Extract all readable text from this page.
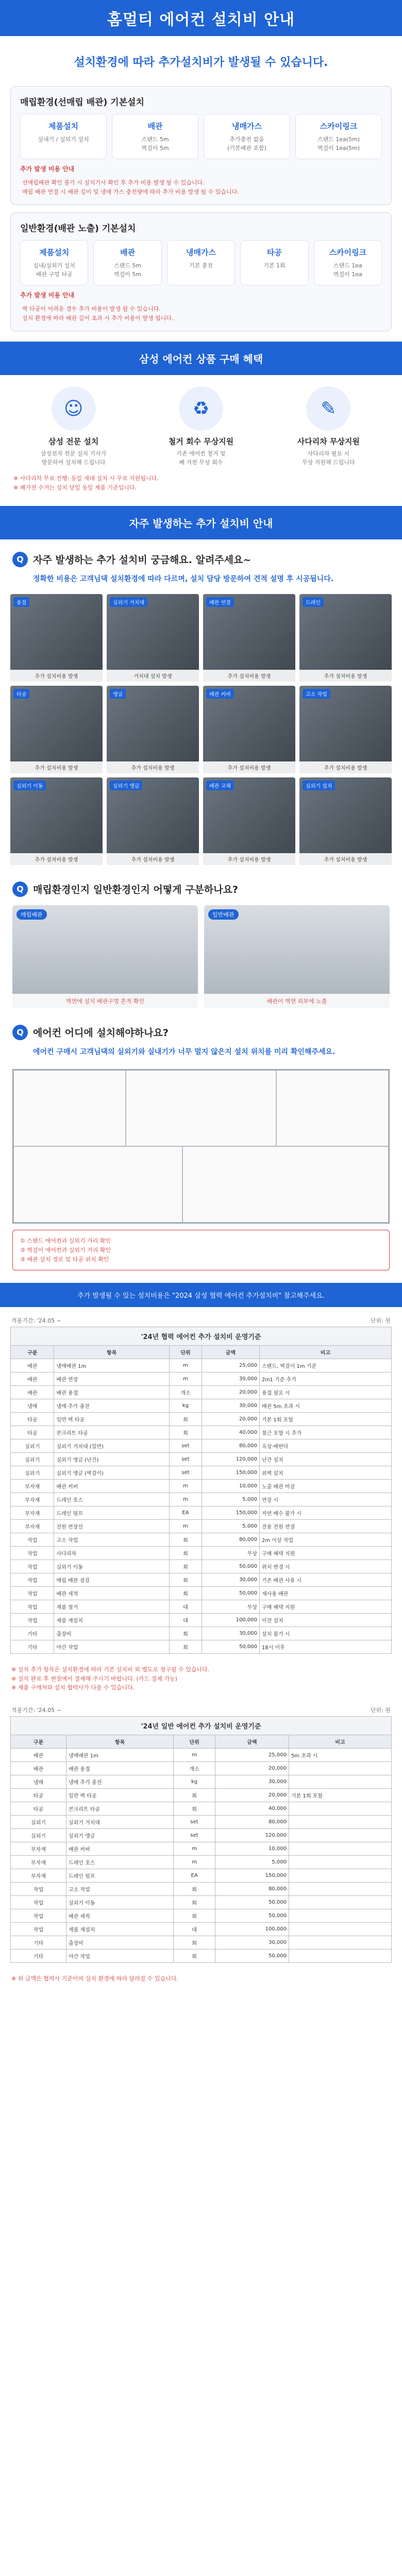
홈멀티 에어컨 설치비 안내
설치환경에 따라 추가설치비가 발생될 수 있습니다.
매립환경(선매립 배관) 기본설치
제품설치
실내기 / 실외기 설치
배관
스탠드 5m
벽걸이 5m
냉매가스
추가충전 없음
(기본배관 포함)
스카이링크
스탠드 1ea(5m)
벽걸이 1ea(5m)
추가 발생 비용 안내
선매립배관 확인 불가 시 설치기사 확인 후 추가 비용 발생 될 수 있습니다.
매립 배관 연결 시 배관 길이 및 냉매 가스 충전량에 따라 추가 비용 발생 될 수 있습니다.
일반환경(배관 노출) 기본설치
제품설치
실내/실외기 설치
배관 구멍 타공
배관
스탠드 5m
벽걸이 5m
냉매가스
기본 충전
타공
기본 1회
스카이링크
스탠드 1ea
벽걸이 1ea
추가 발생 비용 안내
벽 타공이 어려운 경우 추가 비용이 발생 될 수 있습니다.
설치 환경에 따라 배관 길이 초과 시 추가 비용이 발생 됩니다.
삼성 에어컨 상품 구매 혜택
☺
삼성 전문 설치
삼성전자 전문 설치 기사가
방문하여 설치해 드립니다
♻
철거 회수 무상지원
기존 에어컨 철거 및
폐 가전 무상 회수
✎
사다리차 무상지원
사다리차 필요 시
무상 지원해 드립니다
※ 사다리차 무료 진행: 동일 세대 설치 시 무료 지원됩니다.
※ 폐가전 수거는 설치 당일 동일 제품 기준입니다.
자주 발생하는 추가 설치비 안내
Q 자주 발생하는 추가 설치비 궁금해요. 알려주세요~
정확한 비용은 고객님댁 설치환경에 따라 다르며, 설치 담당 방문하여 견적 설명 후 시공됩니다.
용접
추가 설치비용 발생
실외기 거치대
거치대 설치 발생
배관 연결
추가 설치비용 발생
드레인
추가 설치비용 발생
타공
추가 설치비용 발생
앵글
추가 설치비용 발생
배관 커버
추가 설치비용 발생
고소 작업
추가 설치비용 발생
실외기 이동
추가 설치비용 발생
실외기 앵글
추가 설치비용 발생
배관 교체
추가 설치비용 발생
실외기 설치
추가 설치비용 발생
Q 매립환경인지 일반환경인지 어떻게 구분하나요?
매립배관
벽면에 설치 배관구멍 흔적 확인
일반배관
배관이 벽면 외부에 노출
Q 에어컨 어디에 설치해야하나요?
에어컨 구매시 고객님댁의 실외기와 실내기가 너무 멀지 않은지 설치 위치를 미리 확인해주세요.
① 스탠드 에어컨과 실외기 거리 확인
② 벽걸이 에어컨과 실외기 거리 확인
③ 배관 설치 경로 및 타공 위치 확인
추가 발생될 수 있는 설치비용은 "2024 삼성 협력 에어컨 추가설치비" 참고해주세요.
적용기간: '24.05 ~	단위: 원
'24년 협력 에어컨 추가 설치비 운영기준
구분	항목	단위	금액	비고
배관	냉매배관 1m	m	25,000	스탠드, 벽걸이 1m 기준
배관	배관 연장	m	30,000	2in1 기준 추가
배관	배관 용접	개소	20,000	용접 필요 시
냉매	냉매 추가 충전	kg	30,000	배관 5m 초과 시
타공	일반 벽 타공	회	20,000	기본 1회 포함
타공	콘크리트 타공	회	40,000	철근 포함 시 추가
실외기	실외기 거치대 (일반)	set	80,000	옥상·베란다
실외기	실외기 앵글 (난간)	set	120,000	난간 설치
실외기	실외기 앵글 (벽걸이)	set	150,000	외벽 설치
부자재	배관 커버	m	10,000	노출 배관 마감
부자재	드레인 호스	m	5,000	연장 시
부자재	드레인 펌프	EA	150,000	자연 배수 불가 시
부자재	전원 연장선	m	5,000	전용 전원 연결
작업	고소 작업	회	80,000	2m 이상 작업
작업	사다리차	회	무상	구매 혜택 지원
작업	실외기 이동	회	50,000	위치 변경 시
작업	매립 배관 점검	회	30,000	기존 배관 사용 시
작업	배관 세척	회	50,000	재사용 배관
작업	제품 철거	대	무상	구매 혜택 지원
작업	제품 재설치	대	100,000	이전 설치
기타	출장비	회	30,000	설치 불가 시
기타	야간 작업	회	50,000	18시 이후
※ 설치 추가 항목은 설치환경에 따라 기본 설치비 외 별도로 청구될 수 있습니다.
※ 설치 완료 후 현장에서 결제해 주시기 바랍니다. (카드 결제 가능)
※ 제품 구매처와 설치 협력사가 다를 수 있습니다.
적용기간: '24.05 ~	단위: 원
'24년 일반 에어컨 추가 설치비 운영기준
구분	항목	단위	금액	비고
배관	냉매배관 1m	m	25,000	5m 초과 시
배관	배관 용접	개소	20,000	
냉매	냉매 추가 충전	kg	30,000	
타공	일반 벽 타공	회	20,000	기본 1회 포함
타공	콘크리트 타공	회	40,000	
실외기	실외기 거치대	set	80,000	
실외기	실외기 앵글	set	120,000	
부자재	배관 커버	m	10,000	
부자재	드레인 호스	m	5,000	
부자재	드레인 펌프	EA	150,000	
작업	고소 작업	회	80,000	
작업	실외기 이동	회	50,000	
작업	배관 세척	회	50,000	
작업	제품 재설치	대	100,000	
기타	출장비	회	30,000	
기타	야간 작업	회	50,000	
※ 위 금액은 협력사 기준이며 설치 환경에 따라 달라질 수 있습니다.
